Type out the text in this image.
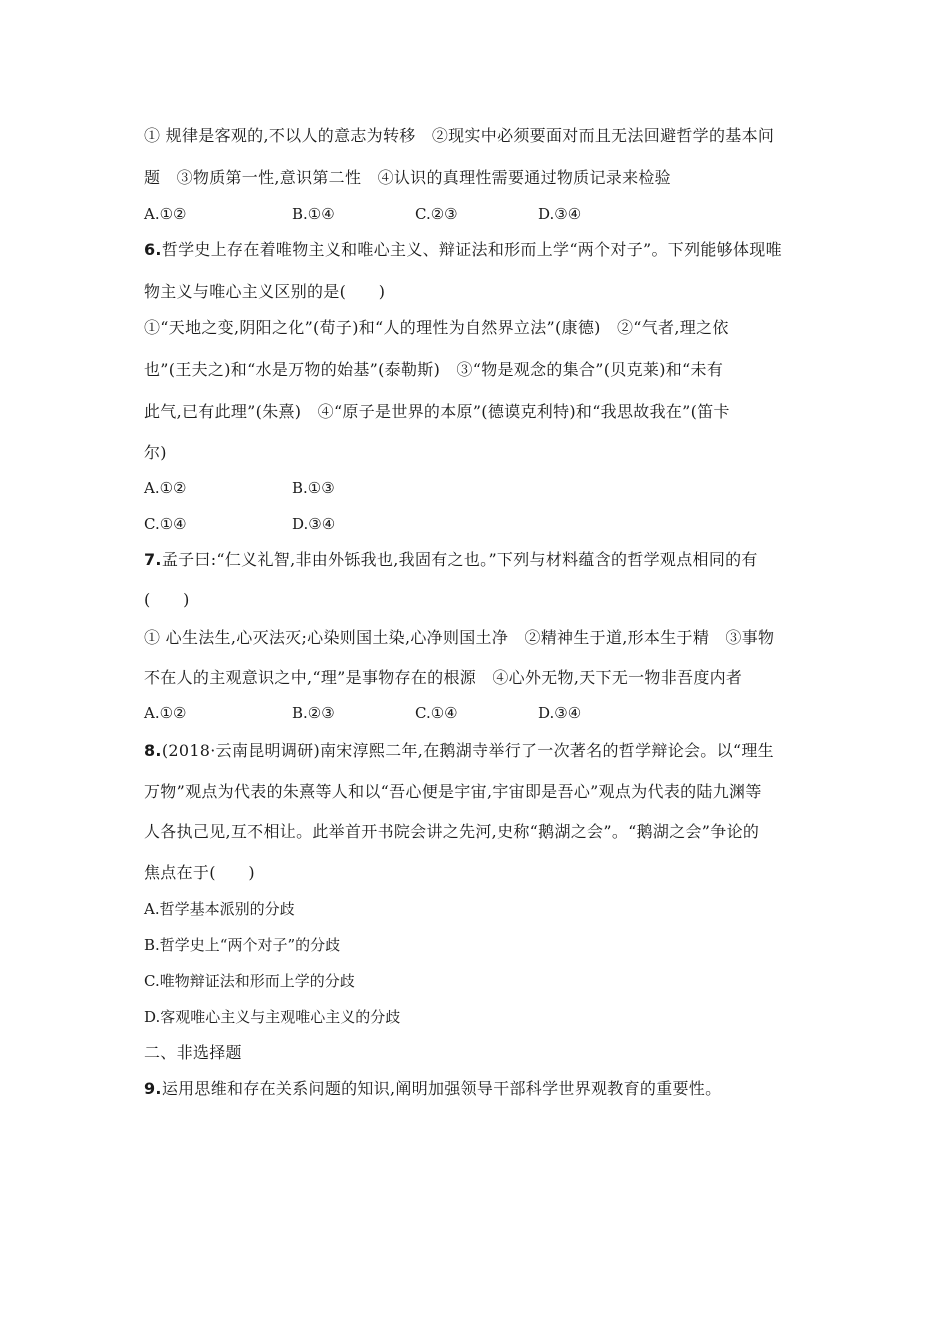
① 规律是客观的,不以人的意志为转移　②现实中必须要面对而且无法回避哲学的基本问
题　③物质第一性,意识第二性　④认识的真理性需要通过物质记录来检验
A.①②	B.①④	C.②③	D.③④
6.哲学史上存在着唯物主义和唯心主义、辩证法和形而上学“两个对子”。下列能够体现唯
物主义与唯心主义区别的是(　　)
①“天地之变,阴阳之化”(荀子)和“人的理性为自然界立法”(康德)　②“气者,理之依
也”(王夫之)和“水是万物的始基”(泰勒斯)　③“物是观念的集合”(贝克莱)和“未有
此气,已有此理”(朱熹)　④“原子是世界的本原”(德谟克利特)和“我思故我在”(笛卡
尔)
A.①②	B.①③
C.①④	D.③④
7.孟子曰:“仁义礼智,非由外铄我也,我固有之也。”下列与材料蕴含的哲学观点相同的有
(　　)
① 心生法生,心灭法灭;心染则国土染,心净则国土净　②精神生于道,形本生于精　③事物
不在人的主观意识之中,“理”是事物存在的根源　④心外无物,天下无一物非吾度内者
A.①②	B.②③	C.①④	D.③④
8.(2018·云南昆明调研)南宋淳熙二年,在鹅湖寺举行了一次著名的哲学辩论会。以“理生
万物”观点为代表的朱熹等人和以“吾心便是宇宙,宇宙即是吾心”观点为代表的陆九渊等
人各执己见,互不相让。此举首开书院会讲之先河,史称“鹅湖之会”。“鹅湖之会”争论的
焦点在于(　　)
A.哲学基本派别的分歧
B.哲学史上“两个对子”的分歧
C.唯物辩证法和形而上学的分歧
D.客观唯心主义与主观唯心主义的分歧
二、非选择题
9.运用思维和存在关系问题的知识,阐明加强领导干部科学世界观教育的重要性。
